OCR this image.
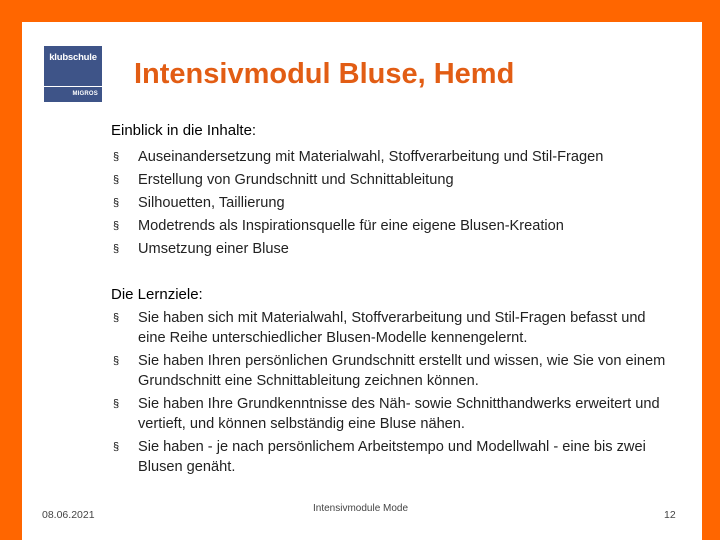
klubschule
MIGROS
Intensivmodul Bluse, Hemd
Einblick in die Inhalte:
§ Auseinandersetzung mit Materialwahl, Stoffverarbeitung und Stil-Fragen
§ Erstellung von Grundschnitt und Schnittableitung
§ Silhouetten, Taillierung
§ Modetrends als Inspirationsquelle für eine eigene Blusen-Kreation
§ Umsetzung einer Bluse
Die Lernziele:
§ Sie haben sich mit Materialwahl, Stoffverarbeitung und Stil-Fragen befasst und eine Reihe unterschiedlicher Blusen-Modelle kennengelernt.
§ Sie haben Ihren persönlichen Grundschnitt erstellt und wissen, wie Sie von einem Grundschnitt eine Schnittableitung zeichnen können.
§ Sie haben Ihre Grundkenntnisse des Näh- sowie Schnitthandwerks erweitert und vertieft, und können selbständig eine Bluse nähen.
§ Sie haben - je nach persönlichem Arbeitstempo und Modellwahl - eine bis zwei Blusen genäht.
08.06.2021
Intensivmodule Mode
12
